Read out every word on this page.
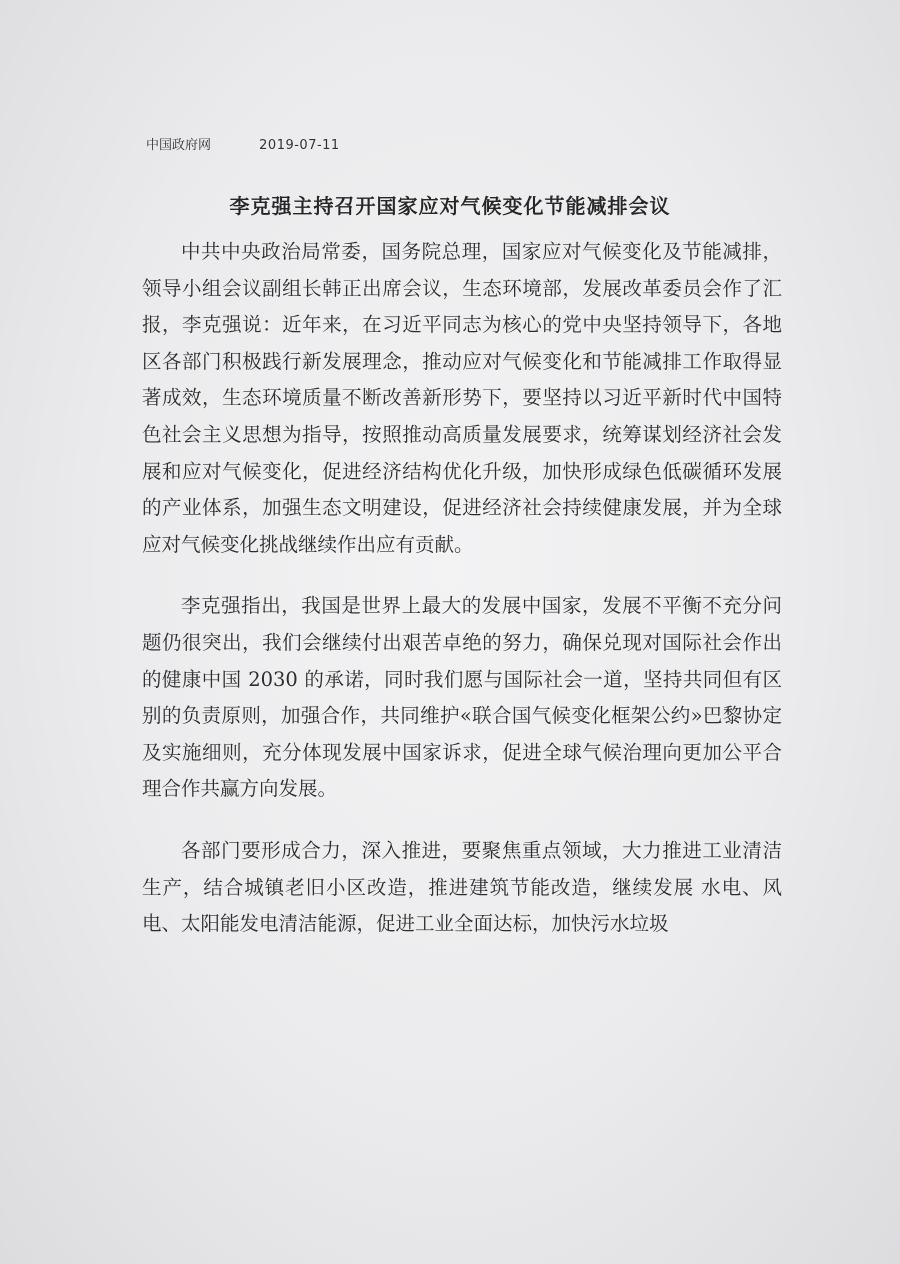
中国政府网	2019-07-11
李克强主持召开国家应对气候变化节能减排会议

中共中央政治局常委，国务院总理，国家应对气候变化及节能减排，领导小组会议副组长韩正出席会议，生态环境部，发展改革委员会作了汇报，李克强说：近年来，在习近平同志为核心的党中央坚持领导下，各地区各部门积极践行新发展理念，推动应对气候变化和节能减排工作取得显著成效，生态环境质量不断改善新形势下，要坚持以习近平新时代中国特色社会主义思想为指导，按照推动高质量发展要求，统筹谋划经济社会发展和应对气候变化，促进经济结构优化升级，加快形成绿色低碳循环发展的产业体系，加强生态文明建设，促进经济社会持续健康发展，并为全球应对气候变化挑战继续作出应有贡献。

李克强指出，我国是世界上最大的发展中国家，发展不平衡不充分问题仍很突出，我们会继续付出艰苦卓绝的努力，确保兑现对国际社会作出的健康中国 2030 的承诺，同时我们愿与国际社会一道，坚持共同但有区别的负责原则，加强合作，共同维护«联合国气候变化框架公约»巴黎协定及实施细则，充分体现发展中国家诉求，促进全球气候治理向更加公平合理合作共赢方向发展。

各部门要形成合力，深入推进，要聚焦重点领域，大力推进工业清洁生产，结合城镇老旧小区改造，推进建筑节能改造，继续发展 水电、风电、太阳能发电清洁能源，促进工业全面达标，加快污水垃圾
